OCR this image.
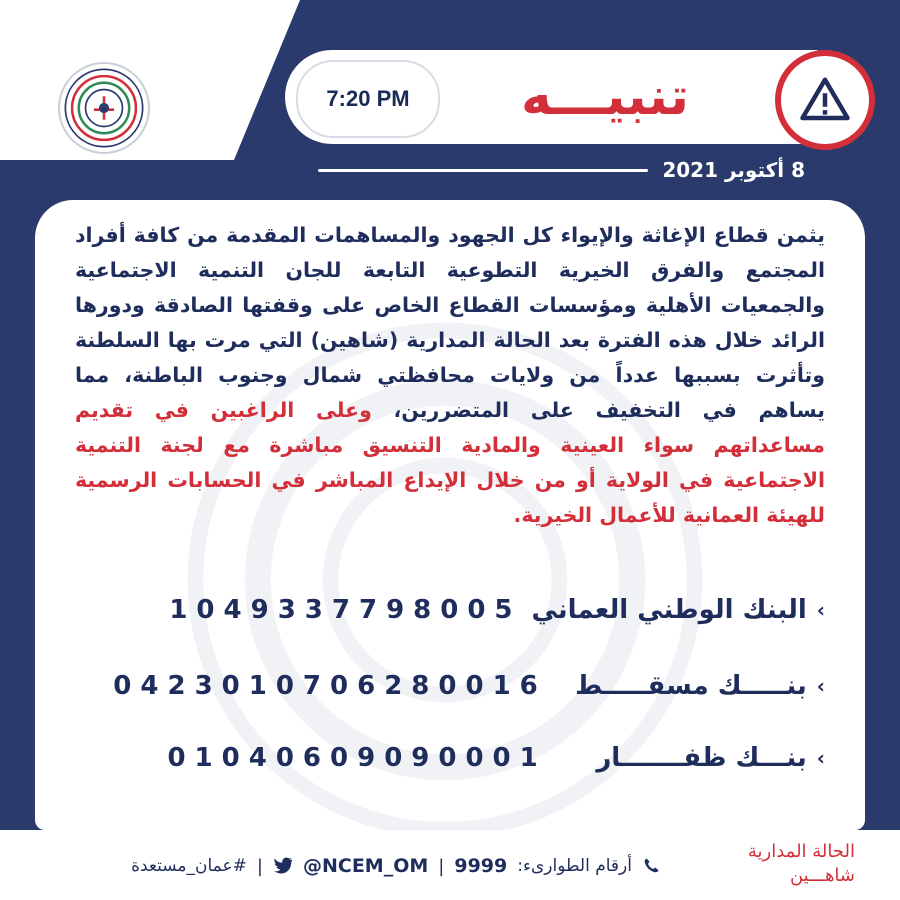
7:20 PM	تنبيـــه
8 أكتوبر 2021
يثمن قطاع الإغاثة والإيواء كل الجهود والمساهمات المقدمة من كافة أفراد المجتمع والفرق الخيرية التطوعية التابعة للجان التنمية الاجتماعية والجمعيات الأهلية ومؤسسات القطاع الخاص على وقفتها الصادقة ودورها الرائد خلال هذه الفترة بعد الحالة المدارية (شاهين) التي مرت بها السلطنة وتأثرت بسببها عدداً من ولايات محافظتي شمال وجنوب الباطنة، مما يساهم في التخفيف على المتضررين، وعلى الراغبين في تقديم مساعداتهم سواء العينية والمادية التنسيق مباشرة مع لجنة التنمية الاجتماعية في الولاية أو من خلال الإيداع المباشر في الحسابات الرسمية للهيئة العمانية للأعمال الخيرية.
›
البنك الوطني العماني
1049337798005
›
بنـــــك مسقـــــط
0423010706280016
›
بنـــك ظفـــــــار
01040609090001
الحالة المدارية
شاهـــين
أرقام الطوارىء:
9999
|
@NCEM_OM
|
#عمان_مستعدة
